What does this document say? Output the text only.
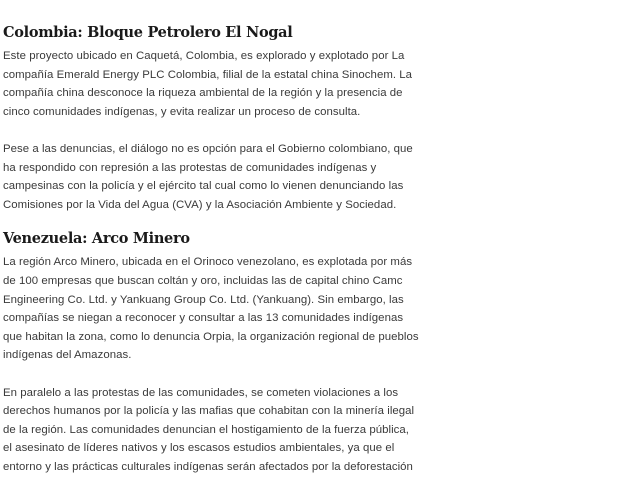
Colombia: Bloque Petrolero El Nogal

Este proyecto ubicado en Caquetá, Colombia, es explorado y explotado por La compañía Emerald Energy PLC Colombia, filial de la estatal china Sinochem. La compañía china desconoce la riqueza ambiental de la región y la presencia de cinco comunidades indígenas, y evita realizar un proceso de consulta.

Pese a las denuncias, el diálogo no es opción para el Gobierno colombiano, que ha respondido con represión a las protestas de comunidades indígenas y campesinas con la policía y el ejército tal cual como lo vienen denunciando las Comisiones por la Vida del Agua (CVA) y la Asociación Ambiente y Sociedad.

Venezuela: Arco Minero

La región Arco Minero, ubicada en el Orinoco venezolano, es explotada por más de 100 empresas que buscan coltán y oro, incluidas las de capital chino Camc Engineering Co. Ltd. y Yankuang Group Co. Ltd. (Yankuang). Sin embargo, las compañías se niegan a reconocer y consultar a las 13 comunidades indígenas que habitan la zona, como lo denuncia Orpia, la organización regional de pueblos indígenas del Amazonas.

En paralelo a las protestas de las comunidades, se cometen violaciones a los derechos humanos por la policía y las mafias que cohabitan con la minería ilegal de la región. Las comunidades denuncian el hostigamiento de la fuerza pública, el asesinato de líderes nativos y los escasos estudios ambientales, ya que el entorno y las prácticas culturales indígenas serán afectados por la deforestación
